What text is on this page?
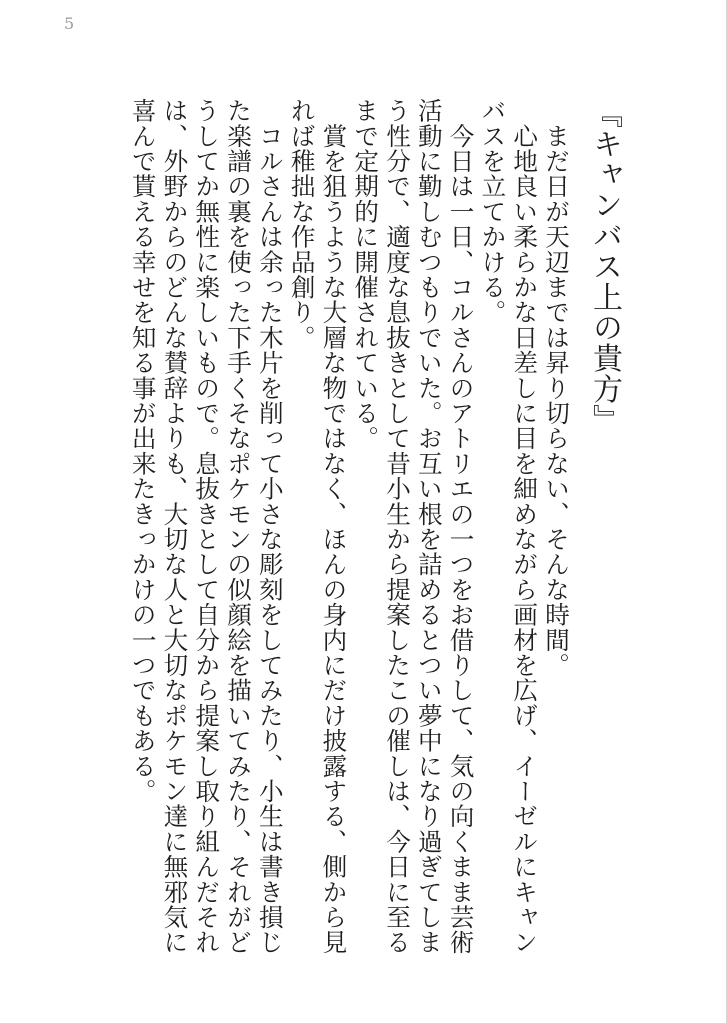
5
『キャンバス上の貴方』
　まだ日が天辺までは昇り切らない、そんな時間。
　心地良い柔らかな日差しに目を細めながら画材を広げ、イーゼルにキャンバスを立てかける。
　今日は一日、コルさんのアトリエの一つをお借りして、気の向くまま芸術活動に勤しむつもりでいた。お互い根を詰めるとつい夢中になり過ぎてしまう性分で、適度な息抜きとして昔小生から提案したこの催しは、今日に至るまで定期的に開催されている。
　賞を狙うような大層な物ではなく、ほんの身内にだけ披露する、側から見れば稚拙な作品創り。
　コルさんは余った木片を削って小さな彫刻をしてみたり、小生は書き損じた楽譜の裏を使った下手くそなポケモンの似顔絵を描いてみたり、それがどうしてか無性に楽しいもので。息抜きとして自分から提案し取り組んだそれは、外野からのどんな賛辞よりも、大切な人と大切なポケモン達に無邪気に喜んで貰える幸せを知る事が出来たきっかけの一つでもある。
